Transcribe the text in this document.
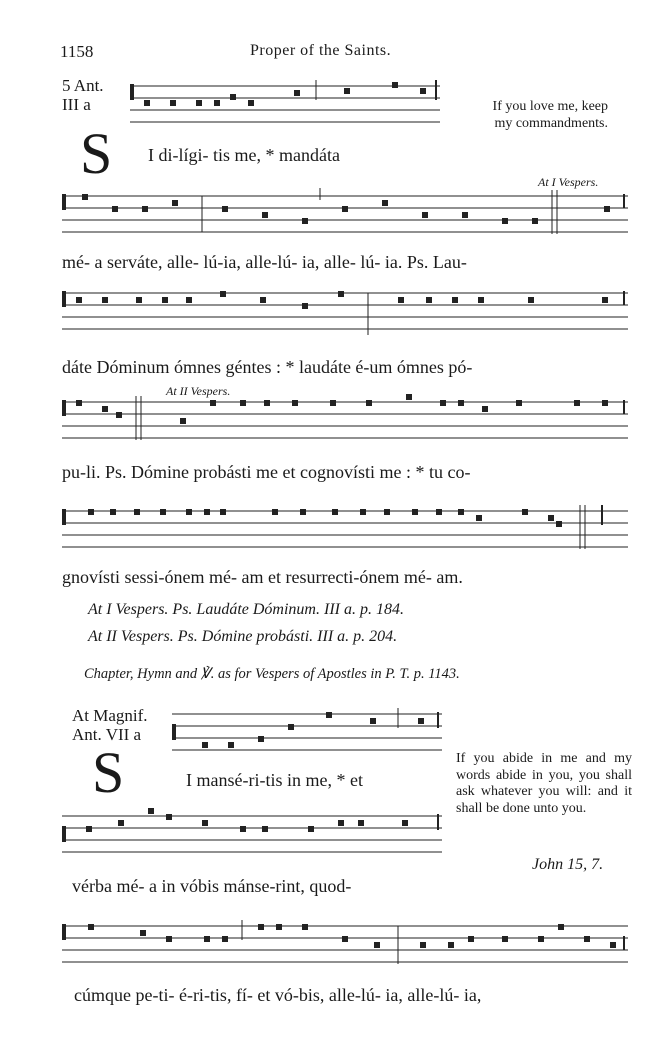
1158	Proper of the Saints.
5 Ant.
III a	If you love me, keep
my commandments.
S I di-lígi- tis me, * mandáta
At I Vespers.
mé- a serváte, alle- lú-ia, alle-lú- ia, alle- lú- ia. Ps. Lau-
dáte Dóminum ómnes géntes : * laudáte é-um ómnes pó-
At II Vespers.
pu-li. Ps. Dómine probásti me et cognovísti me : * tu co-
gnovísti sessi-ónem mé- am et resurrecti-ónem mé- am.
At I Vespers. Ps. Laudáte Dóminum. III a. p. 184.
At II Vespers. Ps. Dómine probásti. III a. p. 204.
Chapter, Hymn and ℣. as for Vespers of Apostles in P. T. p. 1143.
At Magnif.
Ant. VII a
S	I mansé-ri-tis in me, * et
If you abide in me and my words abide in you, you shall ask whatever you will: and it shall be done unto you.
John 15, 7.
vérba mé- a in vóbis mánse-rint, quod-
cúmque pe-ti- é-ri-tis, fí- et vó-bis, alle-lú- ia, alle-lú- ia,
